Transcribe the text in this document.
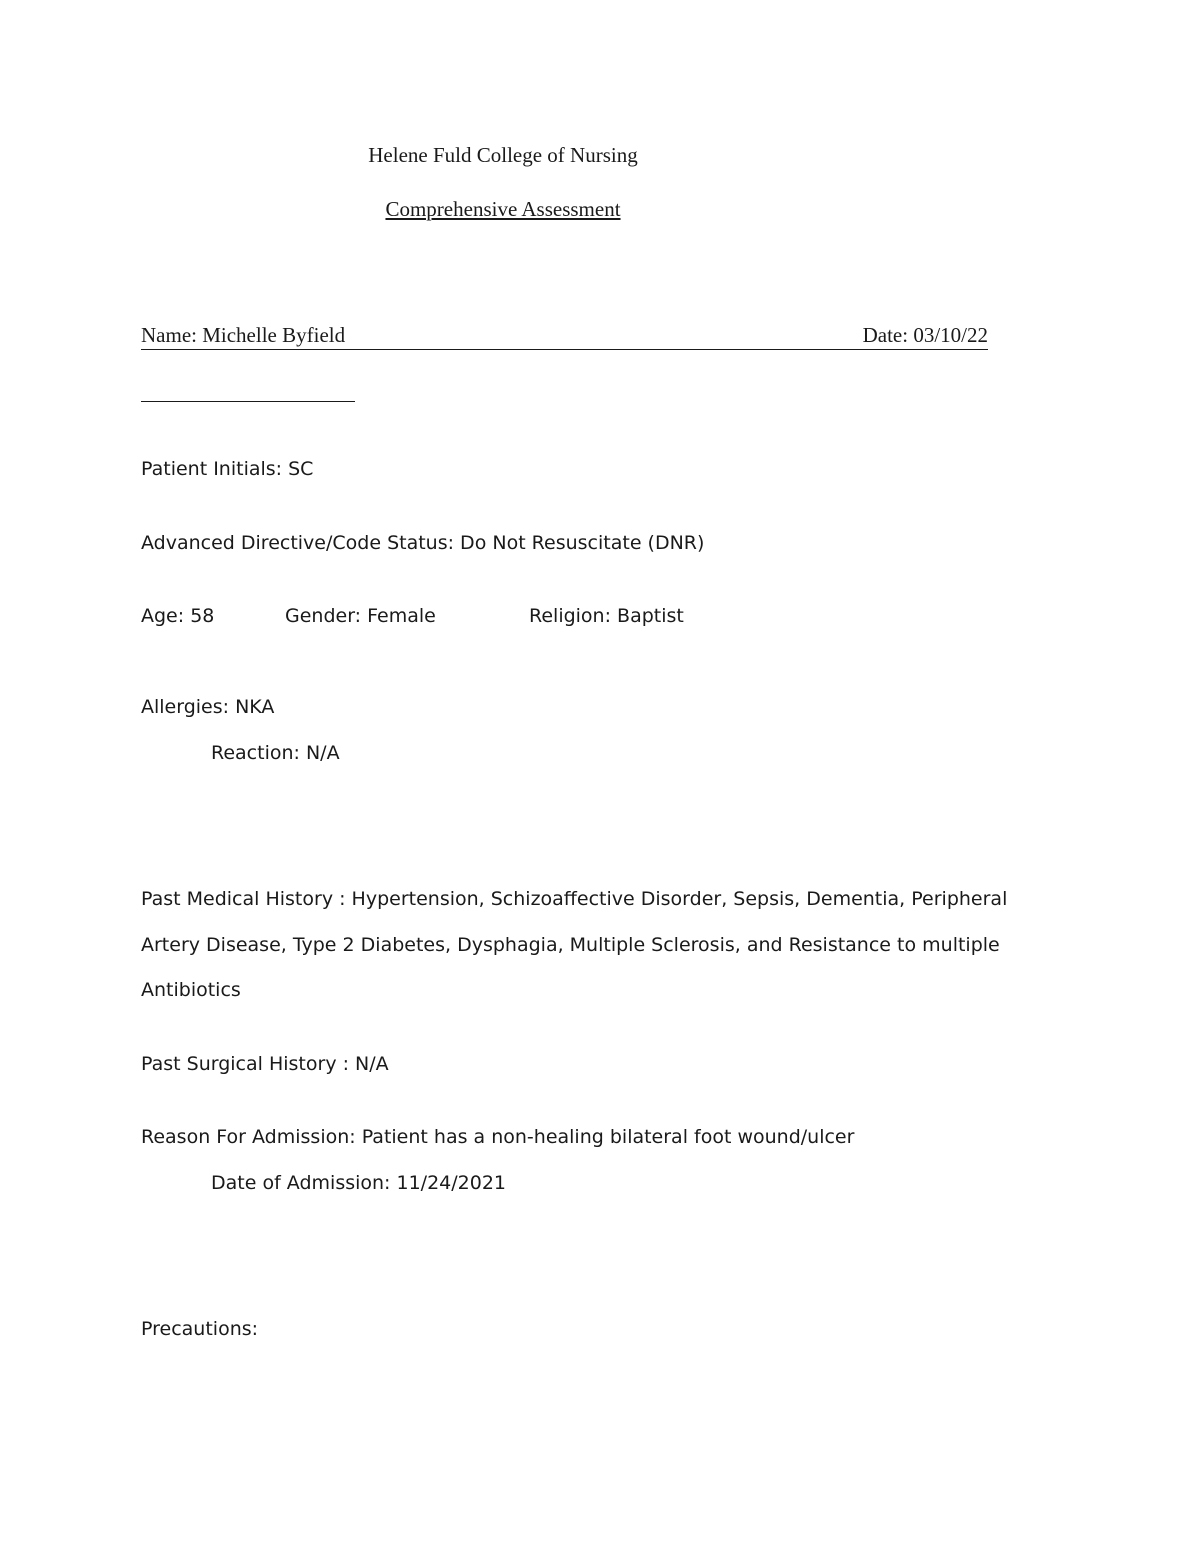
Helene Fuld College of Nursing
Comprehensive Assessment
Name: Michelle Byfield	Date: 03/10/22
Patient Initials: SC
Advanced Directive/Code Status: Do Not Resuscitate (DNR)
Age: 58	Gender: Female	Religion: Baptist
Allergies: NKA
Reaction: N/A
Past Medical History : Hypertension, Schizoaffective Disorder, Sepsis, Dementia, Peripheral
Artery Disease, Type 2 Diabetes, Dysphagia, Multiple Sclerosis, and Resistance to multiple
Antibiotics
Past Surgical History : N/A
Reason For Admission: Patient has a non-healing bilateral foot wound/ulcer
Date of Admission: 11/24/2021
Precautions:
